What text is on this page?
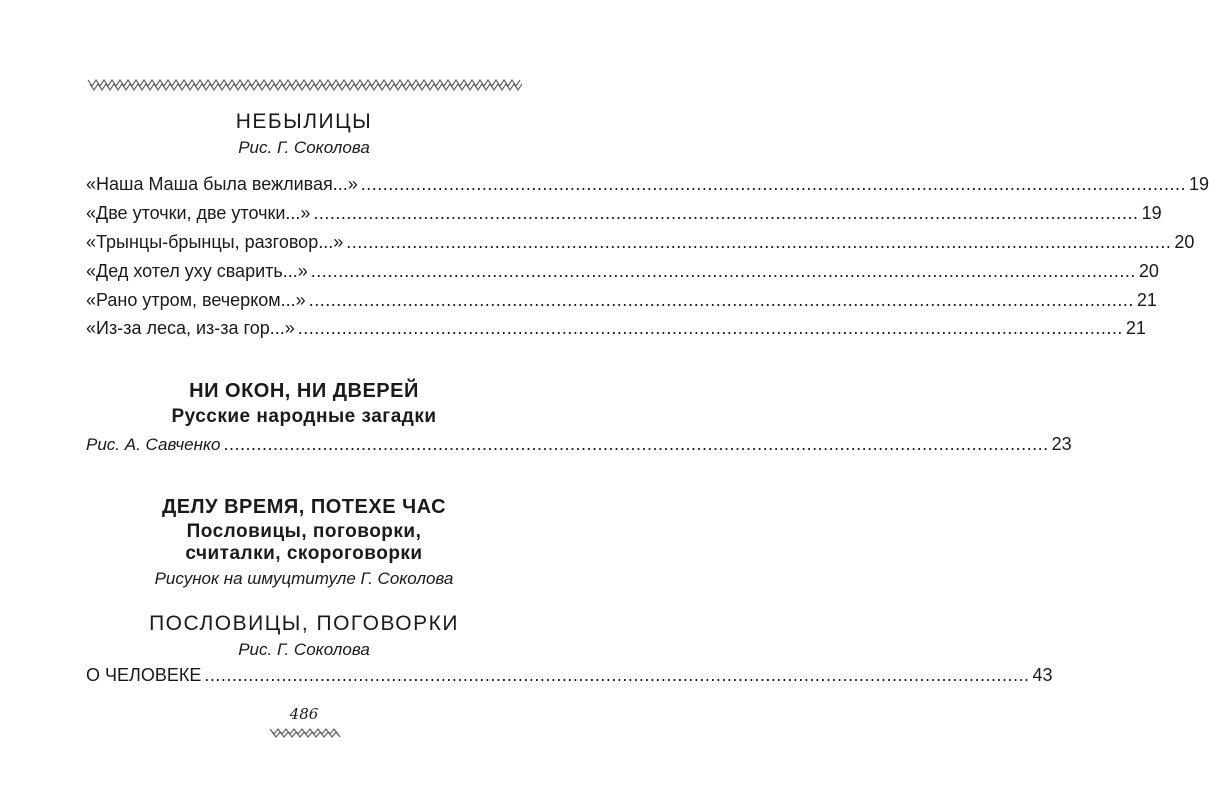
НЕБЫЛИЦЫ
Рис. Г. Соколова
«Наша Маша была вежливая...» ...................................................................................................................................................... 19
«Две уточки, две уточки...» ...................................................................................................................................................... 19
«Трынцы-брынцы, разговор...» ...................................................................................................................................................... 20
«Дед хотел уху сварить...» ...................................................................................................................................................... 20
«Рано утром, вечерком...» ...................................................................................................................................................... 21
«Из-за леса, из-за гор...» ...................................................................................................................................................... 21
НИ ОКОН, НИ ДВЕРЕЙ
Русские народные загадки
Рис. А. Савченко ...................................................................................................................................................... 23
ДЕЛУ ВРЕМЯ, ПОТЕХЕ ЧАС
Пословицы, поговорки,
считалки, скороговорки
Рисунок на шмуцтитуле Г. Соколова
ПОСЛОВИЦЫ, ПОГОВОРКИ
Рис. Г. Соколова
О ЧЕЛОВЕКЕ ...................................................................................................................................................... 43
486
